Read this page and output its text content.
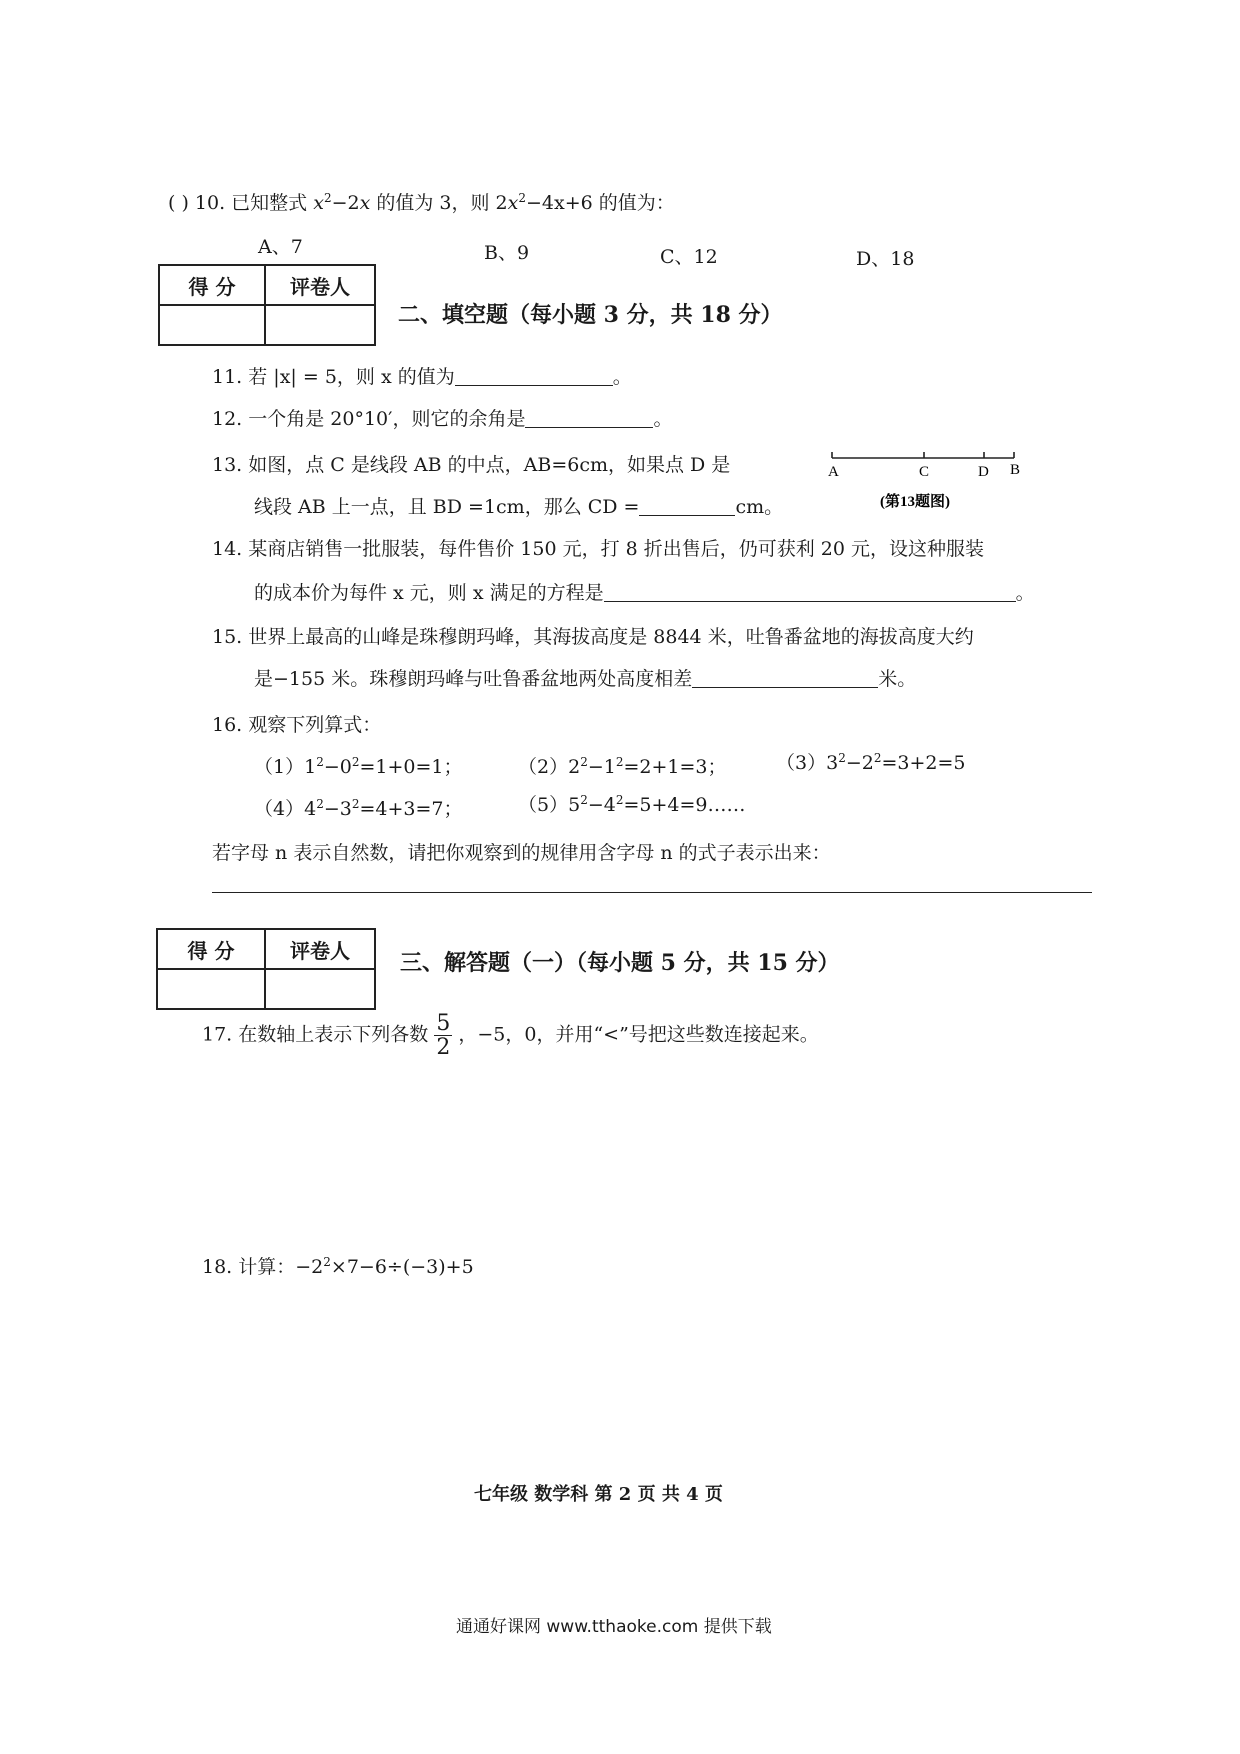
( ) 10. 已知整式 $x^2-2x$ 的值为 3，则 $2x^2-4x+6$ 的值为：
A、7	B、9	C、12	D、18
得 分	评卷人

二、填空题（每小题 3 分，共 18 分）
11. 若 |x| = 5，则 x 的值为	。
12. 一个角是 20°10′，则它的余角是	。
13. 如图，点 C 是线段 AB 的中点，AB=6cm，如果点 D 是
线段 AB 上一点，且 BD =1cm，那么 CD =	cm。
A	C	D B
(第13题图)
14. 某商店销售一批服装，每件售价 150 元，打 8 折出售后，仍可获利 20 元，设这种服装
的成本价为每件 x 元，则 x 满足的方程是	。
15. 世界上最高的山峰是珠穆朗玛峰，其海拔高度是 8844 米，吐鲁番盆地的海拔高度大约
是−155 米。珠穆朗玛峰与吐鲁番盆地两处高度相差	米。
16. 观察下列算式：
$(1)1^2-0^2=1+0=1$；	$(2)2^2-1^2=2+1=3$；	$(3)3^2-2^2=3+2=5$
$(4)4^2-3^2=4+3=7$；	$(5)5^2-4^2=5+4=9\dots\dots$
若字母 n 表示自然数，请把你观察到的规律用含字母 n 的式子表示出来：
得 分	评卷人
	三、解答题（一）（每小题 5 分，共 15 分）
17. 在数轴上表示下列各数 $\frac{5}{2}$ ，−5，0，并用“<”号把这些数连接起来。
18. 计算：$-2^2\times 7-6\div(-3)+5$
七年级 数学科 第 2 页 共 4 页
通通好课网 www.tthaoke.com 提供下载
